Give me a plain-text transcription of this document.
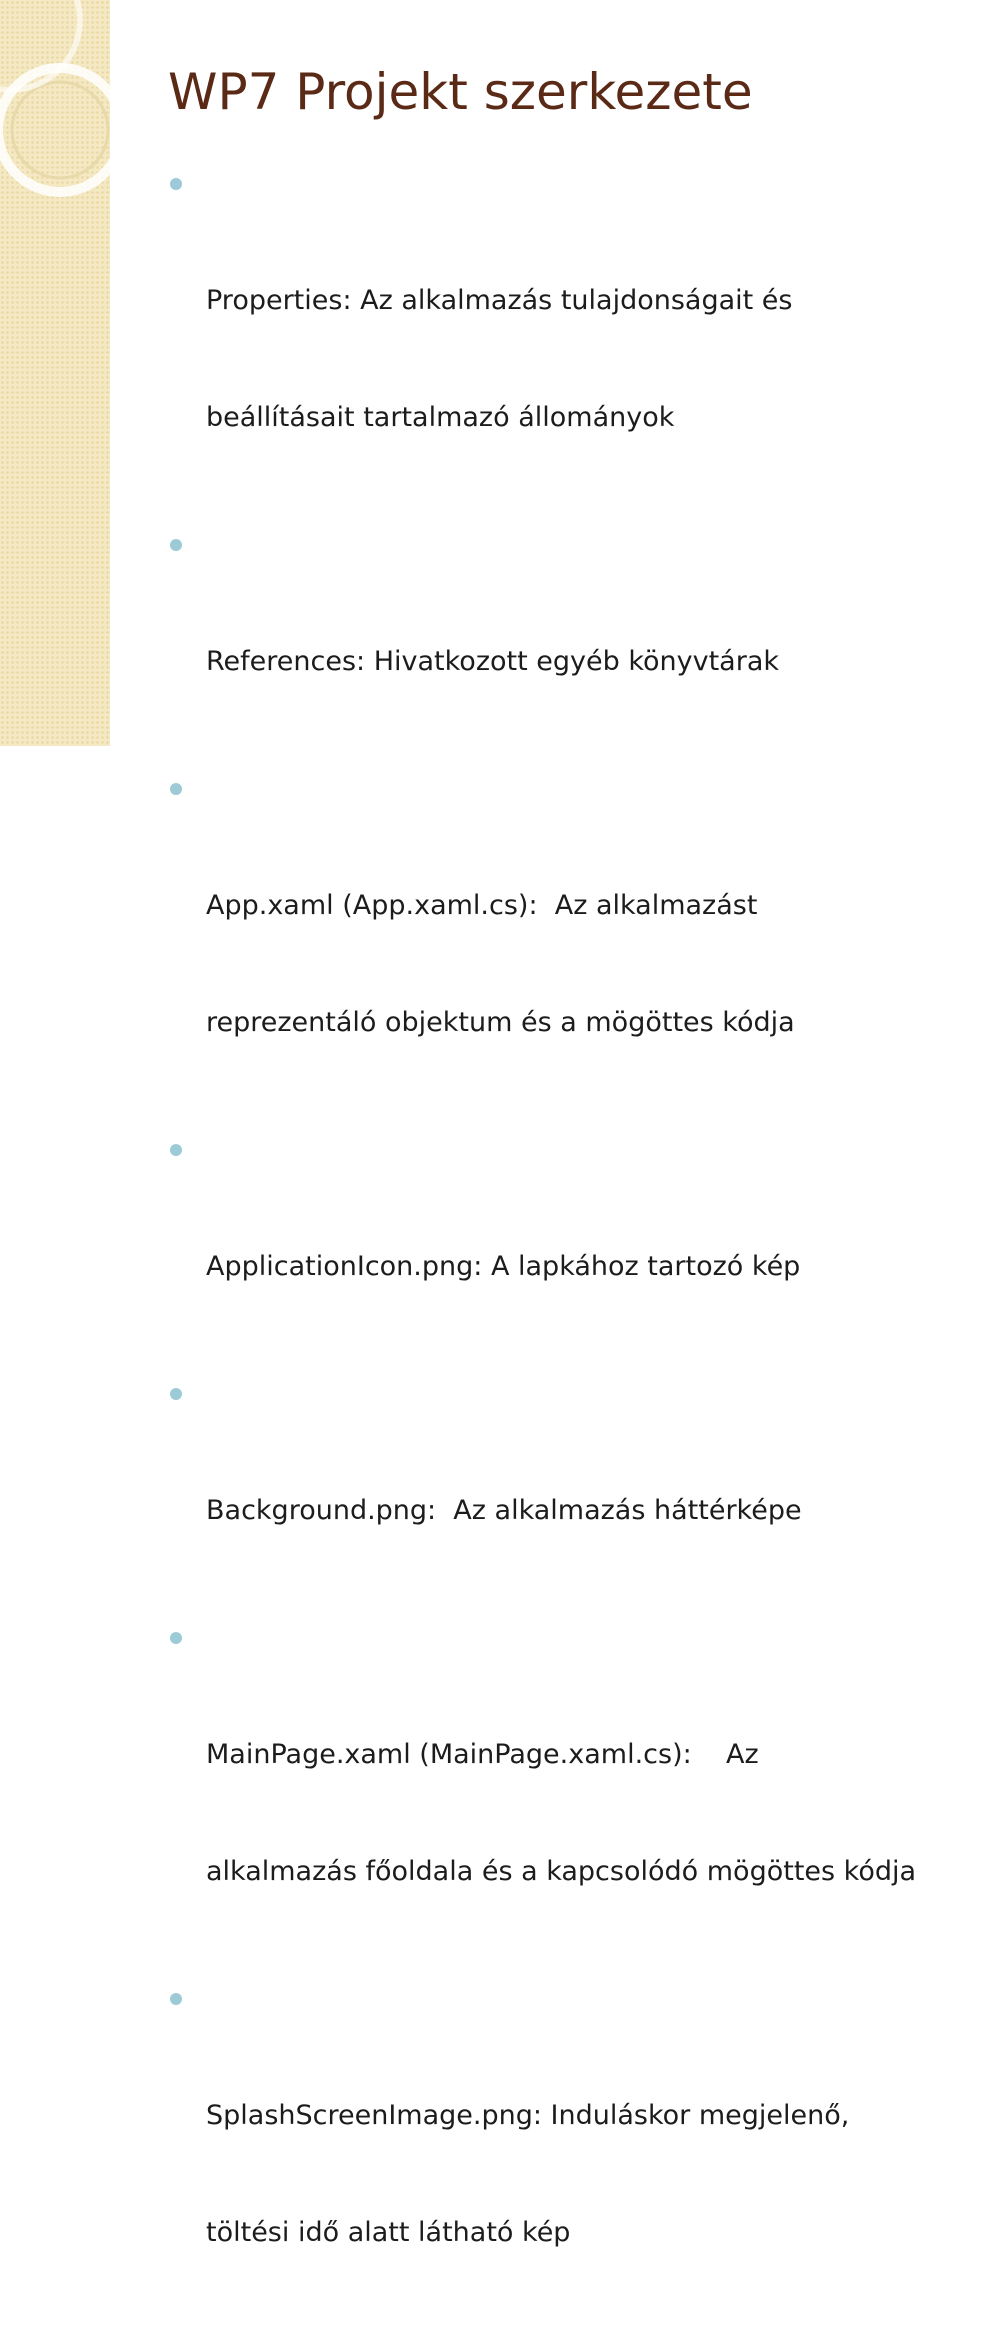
WP7 Projekt szerkezete

Properties: Az alkalmazás tulajdonságait és

beállításait tartalmazó állományok

References: Hivatkozott egyéb könyvtárak

App.xaml (App.xaml.cs):  Az alkalmazást

reprezentáló objektum és a mögöttes kódja

ApplicationIcon.png: A lapkához tartozó kép

Background.png:  Az alkalmazás háttérképe

MainPage.xaml (MainPage.xaml.cs):    Az

alkalmazás főoldala és a kapcsolódó mögöttes kódja

SplashScreenImage.png: Induláskor megjelenő,

töltési idő alatt látható kép
